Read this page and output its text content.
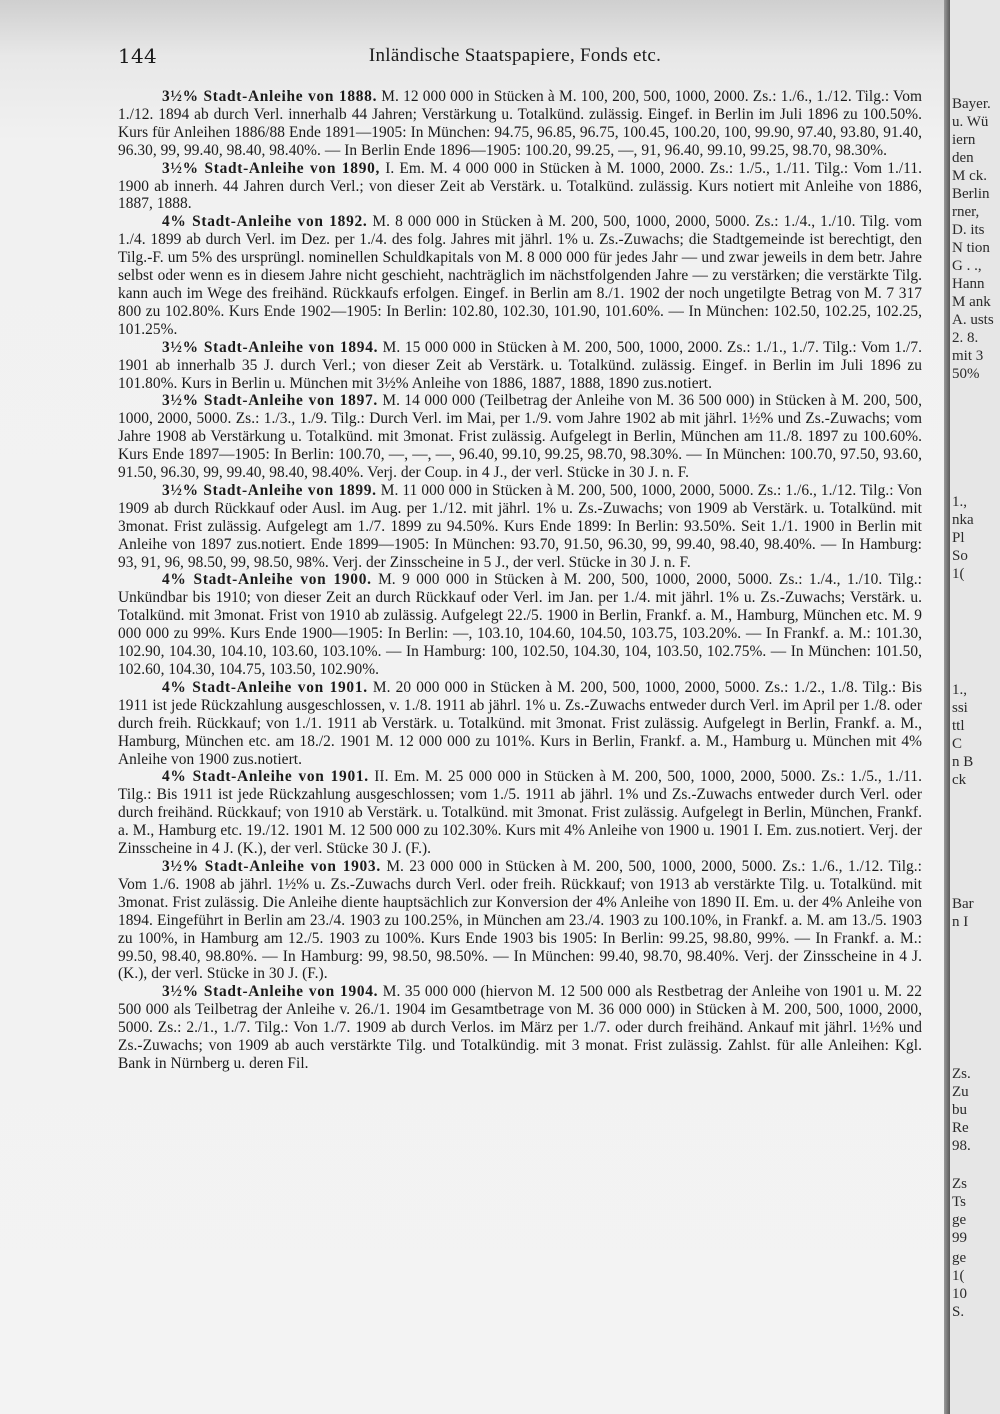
144	Inländische Staatspapiere, Fonds etc.

3½% Stadt-Anleihe von 1888. M. 12 000 000 in Stücken à M. 100, 200, 500, 1000, 2000. Zs.: 1./6., 1./12. Tilg.: Vom 1./12. 1894 ab durch Verl. innerhalb 44 Jahren; Verstärkung u. Totalkünd. zulässig. Eingef. in Berlin im Juli 1896 zu 100.50%. Kurs für Anleihen 1886/88 Ende 1891—1905: In München: 94.75, 96.85, 96.75, 100.45, 100.20, 100, 99.90, 97.40, 93.80, 91.40, 96.30, 99, 99.40, 98.40, 98.40%. — In Berlin Ende 1896—1905: 100.20, 99.25, —, 91, 96.40, 99.10, 99.25, 98.70, 98.30%.

3½% Stadt-Anleihe von 1890, I. Em. M. 4 000 000 in Stücken à M. 1000, 2000. Zs.: 1./5., 1./11. Tilg.: Vom 1./11. 1900 ab innerh. 44 Jahren durch Verl.; von dieser Zeit ab Verstärk. u. Totalkünd. zulässig. Kurs notiert mit Anleihe von 1886, 1887, 1888.

4% Stadt-Anleihe von 1892. M. 8 000 000 in Stücken à M. 200, 500, 1000, 2000, 5000. Zs.: 1./4., 1./10. Tilg. vom 1./4. 1899 ab durch Verl. im Dez. per 1./4. des folg. Jahres mit jährl. 1% u. Zs.-Zuwachs; die Stadtgemeinde ist berechtigt, den Tilg.-F. um 5% des ursprüngl. nominellen Schuldkapitals von M. 8 000 000 für jedes Jahr — und zwar jeweils in dem betr. Jahre selbst oder wenn es in diesem Jahre nicht geschieht, nachträglich im nächstfolgenden Jahre — zu verstärken; die verstärkte Tilg. kann auch im Wege des freihänd. Rückkaufs erfolgen. Eingef. in Berlin am 8./1. 1902 der noch ungetilgte Betrag von M. 7 317 800 zu 102.80%. Kurs Ende 1902—1905: In Berlin: 102.80, 102.30, 101.90, 101.60%. — In München: 102.50, 102.25, 102.25, 101.25%.

3½% Stadt-Anleihe von 1894. M. 15 000 000 in Stücken à M. 200, 500, 1000, 2000. Zs.: 1./1., 1./7. Tilg.: Vom 1./7. 1901 ab innerhalb 35 J. durch Verl.; von dieser Zeit ab Verstärk. u. Totalkünd. zulässig. Eingef. in Berlin im Juli 1896 zu 101.80%. Kurs in Berlin u. München mit 3½% Anleihe von 1886, 1887, 1888, 1890 zus.notiert.

3½% Stadt-Anleihe von 1897. M. 14 000 000 (Teilbetrag der Anleihe von M. 36 500 000) in Stücken à M. 200, 500, 1000, 2000, 5000. Zs.: 1./3., 1./9. Tilg.: Durch Verl. im Mai, per 1./9. vom Jahre 1902 ab mit jährl. 1½% und Zs.-Zuwachs; vom Jahre 1908 ab Verstärkung u. Totalkünd. mit 3monat. Frist zulässig. Aufgelegt in Berlin, München am 11./8. 1897 zu 100.60%. Kurs Ende 1897—1905: In Berlin: 100.70, —, —, —, 96.40, 99.10, 99.25, 98.70, 98.30%. — In München: 100.70, 97.50, 93.60, 91.50, 96.30, 99, 99.40, 98.40, 98.40%. Verj. der Coup. in 4 J., der verl. Stücke in 30 J. n. F.

3½% Stadt-Anleihe von 1899. M. 11 000 000 in Stücken à M. 200, 500, 1000, 2000, 5000. Zs.: 1./6., 1./12. Tilg.: Von 1909 ab durch Rückkauf oder Ausl. im Aug. per 1./12. mit jährl. 1% u. Zs.-Zuwachs; von 1909 ab Verstärk. u. Totalkünd. mit 3monat. Frist zulässig. Aufgelegt am 1./7. 1899 zu 94.50%. Kurs Ende 1899: In Berlin: 93.50%. Seit 1./1. 1900 in Berlin mit Anleihe von 1897 zus.notiert. Ende 1899—1905: In München: 93.70, 91.50, 96.30, 99, 99.40, 98.40, 98.40%. — In Hamburg: 93, 91, 96, 98.50, 99, 98.50, 98%. Verj. der Zinsscheine in 5 J., der verl. Stücke in 30 J. n. F.

4% Stadt-Anleihe von 1900. M. 9 000 000 in Stücken à M. 200, 500, 1000, 2000, 5000. Zs.: 1./4., 1./10. Tilg.: Unkündbar bis 1910; von dieser Zeit an durch Rückkauf oder Verl. im Jan. per 1./4. mit jährl. 1% u. Zs.-Zuwachs; Verstärk. u. Totalkünd. mit 3monat. Frist von 1910 ab zulässig. Aufgelegt 22./5. 1900 in Berlin, Frankf. a. M., Hamburg, München etc. M. 9 000 000 zu 99%. Kurs Ende 1900—1905: In Berlin: —, 103.10, 104.60, 104.50, 103.75, 103.20%. — In Frankf. a. M.: 101.30, 102.90, 104.30, 104.10, 103.60, 103.10%. — In Hamburg: 100, 102.50, 104.30, 104, 103.50, 102.75%. — In München: 101.50, 102.60, 104.30, 104.75, 103.50, 102.90%.

4% Stadt-Anleihe von 1901. M. 20 000 000 in Stücken à M. 200, 500, 1000, 2000, 5000. Zs.: 1./2., 1./8. Tilg.: Bis 1911 ist jede Rückzahlung ausgeschlossen, v. 1./8. 1911 ab jährl. 1% u. Zs.-Zuwachs entweder durch Verl. im April per 1./8. oder durch freih. Rückkauf; von 1./1. 1911 ab Verstärk. u. Totalkünd. mit 3monat. Frist zulässig. Aufgelegt in Berlin, Frankf. a. M., Hamburg, München etc. am 18./2. 1901 M. 12 000 000 zu 101%. Kurs in Berlin, Frankf. a. M., Hamburg u. München mit 4% Anleihe von 1900 zus.notiert.

4% Stadt-Anleihe von 1901. II. Em. M. 25 000 000 in Stücken à M. 200, 500, 1000, 2000, 5000. Zs.: 1./5., 1./11. Tilg.: Bis 1911 ist jede Rückzahlung ausgeschlossen; vom 1./5. 1911 ab jährl. 1% und Zs.-Zuwachs entweder durch Verl. oder durch freihänd. Rückkauf; von 1910 ab Verstärk. u. Totalkünd. mit 3monat. Frist zulässig. Aufgelegt in Berlin, München, Frankf. a. M., Hamburg etc. 19./12. 1901 M. 12 500 000 zu 102.30%. Kurs mit 4% Anleihe von 1900 u. 1901 I. Em. zus.notiert. Verj. der Zinsscheine in 4 J. (K.), der verl. Stücke 30 J. (F.).

3½% Stadt-Anleihe von 1903. M. 23 000 000 in Stücken à M. 200, 500, 1000, 2000, 5000. Zs.: 1./6., 1./12. Tilg.: Vom 1./6. 1908 ab jährl. 1½% u. Zs.-Zuwachs durch Verl. oder freih. Rückkauf; von 1913 ab verstärkte Tilg. u. Totalkünd. mit 3monat. Frist zulässig. Die Anleihe diente hauptsächlich zur Konversion der 4% Anleihe von 1890 II. Em. u. der 4% Anleihe von 1894. Eingeführt in Berlin am 23./4. 1903 zu 100.25%, in München am 23./4. 1903 zu 100.10%, in Frankf. a. M. am 13./5. 1903 zu 100%, in Hamburg am 12./5. 1903 zu 100%. Kurs Ende 1903 bis 1905: In Berlin: 99.25, 98.80, 99%. — In Frankf. a. M.: 99.50, 98.40, 98.80%. — In Hamburg: 99, 98.50, 98.50%. — In München: 99.40, 98.70, 98.40%. Verj. der Zinsscheine in 4 J. (K.), der verl. Stücke in 30 J. (F.).

3½% Stadt-Anleihe von 1904. M. 35 000 000 (hiervon M. 12 500 000 als Restbetrag der Anleihe von 1901 u. M. 22 500 000 als Teilbetrag der Anleihe v. 26./1. 1904 im Gesamtbetrage von M. 36 000 000) in Stücken à M. 200, 500, 1000, 2000, 5000. Zs.: 2./1., 1./7. Tilg.: Von 1./7. 1909 ab durch Verlos. im März per 1./7. oder durch freihänd. Ankauf mit jährl. 1½% und Zs.-Zuwachs; von 1909 ab auch verstärkte Tilg. und Totalkündig. mit 3 monat. Frist zulässig. Zahlst. für alle Anleihen: Kgl. Bank in Nürnberg u. deren Fil.

Bayer.
u. Wü
iern
den
M ck.
Berlin
rner,
D. its
N tion
G . .,
Hann
M ank
A. usts
2. 8.
mit 3
50%
1.,
nka
Pl
So
1(
1.,
ssi
ttl
C
n B
ck
Bar
n I
Zs.
Zu
bu
Re
98.
Zs
Ts
ge
99
ge
1(
10
S.
